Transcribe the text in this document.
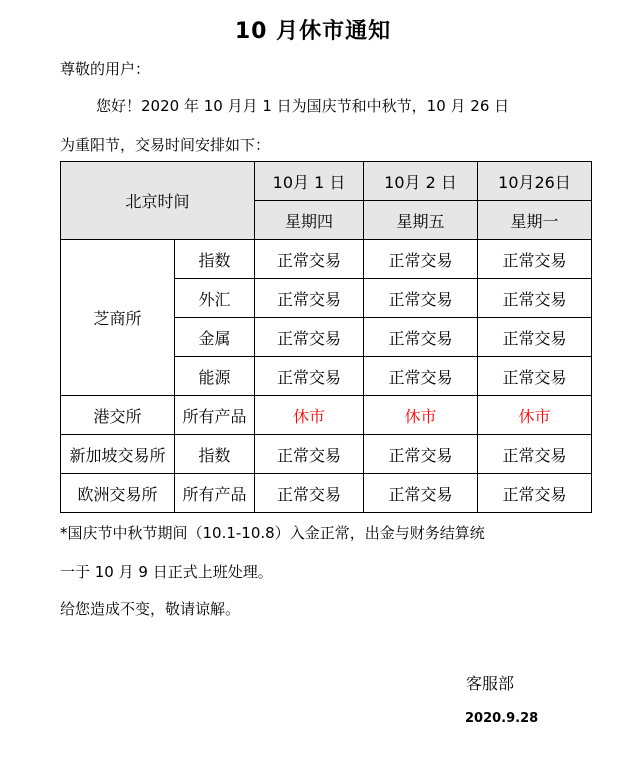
10 月休市通知
尊敬的用户：
您好！2020 年 10 月月 1 日为国庆节和中秋节，10 月 26 日
为重阳节，交易时间安排如下：
北京时间		10月 1 日	10月 2 日	10月26日
		星期四	星期五	星期一
芝商所	指数	正常交易	正常交易	正常交易
	外汇	正常交易	正常交易	正常交易
	金属	正常交易	正常交易	正常交易
	能源	正常交易	正常交易	正常交易
港交所	所有产品	休市	休市	休市
新加坡交易所	指数	正常交易	正常交易	正常交易
欧洲交易所	所有产品	正常交易	正常交易	正常交易
*国庆节中秋节期间（10.1-10.8）入金正常，出金与财务结算统
一于 10 月 9 日正式上班处理。
给您造成不变，敬请谅解。
客服部
2020.9.28
